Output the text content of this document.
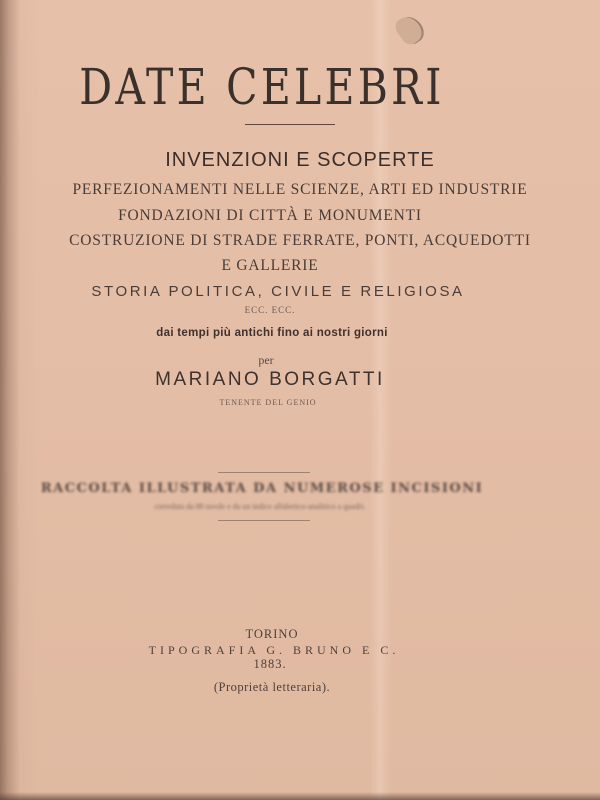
DATE CELEBRI
INVENZIONI E SCOPERTE
PERFEZIONAMENTI NELLE SCIENZE, ARTI ED INDUSTRIE
FONDAZIONI DI CITTÀ E MONUMENTI
COSTRUZIONE DI STRADE FERRATE, PONTI, ACQUEDOTTI
E GALLERIE
STORIA POLITICA, CIVILE E RELIGIOSA
ECC. ECC.
dai tempi più antichi fino ai nostri giorni
per
MARIANO BORGATTI
TENENTE DEL GENIO
RACCOLTA ILLUSTRATA DA NUMEROSE INCISIONI
corredata da 88 tavole e da un indice alfabetico-analitico a quadri.
TORINO
TIPOGRAFIA G. BRUNO E C.
1883.
(Proprietà letteraria).
